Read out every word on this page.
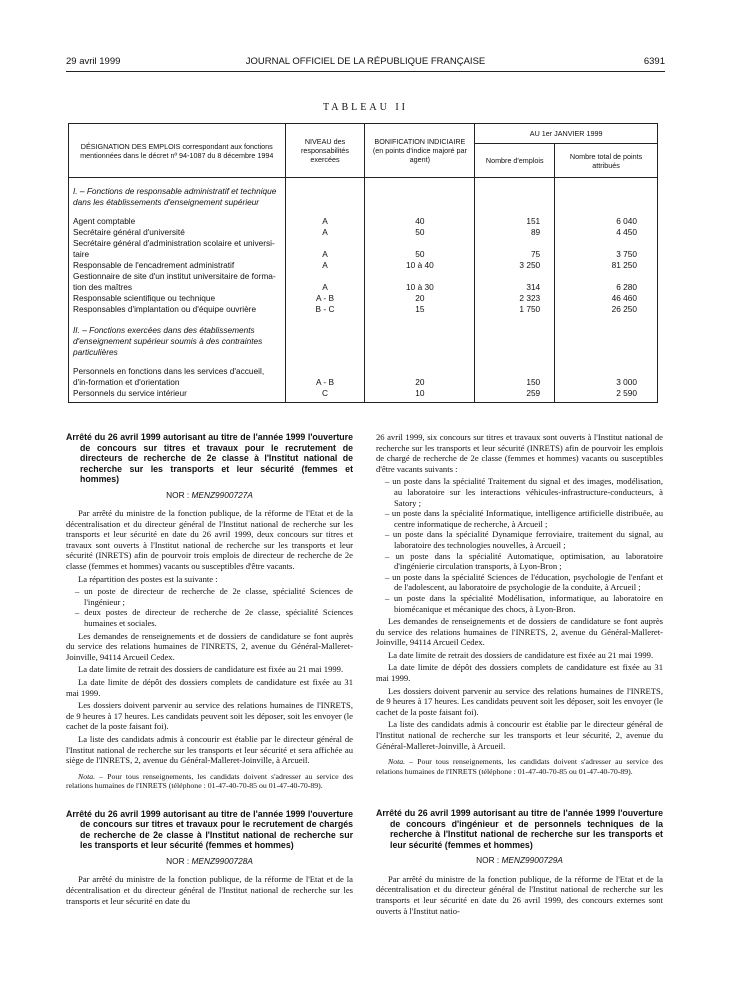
29 avril 1999	JOURNAL OFFICIEL DE LA RÉPUBLIQUE FRANÇAISE	6391
TABLEAU II
DÉSIGNATION DES EMPLOIS correspondant aux fonctions mentionnées dans le décret nº 94-1087 du 8 décembre 1994	NIVEAU des responsabilités exercées	BONIFICATION INDICIAIRE (en points d'indice majoré par agent)	AU 1er JANVIER 1999	
			Nombre d'emplois	Nombre total de points attribués

I. – Fonctions de responsable administratif et technique dans les établissements d'enseignement supérieur				

Agent comptable	A	40	151	6 040
Secrétaire général d'université	A	50	89	4 450
Secrétaire général d'administration scolaire et universi-taire	A	50	75	3 750
Responsable de l'encadrement administratif	A	10 à 40	3 250	81 250
Gestionnaire de site d'un institut universitaire de forma-tion des maîtres	A	10 à 30	314	6 280
Responsable scientifique ou technique	A - B	20	2 323	46 460
Responsables d'implantation ou d'équipe ouvrière	B - C	15	1 750	26 250

II. – Fonctions exercées dans des établissements d'enseignement supérieur soumis à des contraintes particulières				

Personnels en fonctions dans les services d'accueil, d'in-formation et d'orientation	A - B	20	150	3 000
Personnels du service intérieur	C	10	259	2 590

Arrêté du 26 avril 1999 autorisant au titre de l'année 1999 l'ouverture de concours sur titres et travaux pour le recrutement de directeurs de recherche de 2e classe à l'Institut national de recherche sur les transports et leur sécurité (femmes et hommes)
NOR : MENZ9900727A

Par arrêté du ministre de la fonction publique, de la réforme de l'Etat et de la décentralisation et du directeur général de l'Institut national de recherche sur les transports et leur sécurité en date du 26 avril 1999, deux concours sur titres et travaux sont ouverts à l'Institut national de recherche sur les transports et leur sécurité (INRETS) afin de pourvoir trois emplois de directeur de recherche de 2e classe (femmes et hommes) vacants ou susceptibles d'être vacants.

La répartition des postes est la suivante :

– un poste de directeur de recherche de 2e classe, spécialité Sciences de l'ingénieur ;
– deux postes de directeur de recherche de 2e classe, spécialité Sciences humaines et sociales.

Les demandes de renseignements et de dossiers de candidature se font auprès du service des relations humaines de l'INRETS, 2, avenue du Général-Malleret-Joinville, 94114 Arcueil Cedex.

La date limite de retrait des dossiers de candidature est fixée au 21 mai 1999.

La date limite de dépôt des dossiers complets de candidature est fixée au 31 mai 1999.

Les dossiers doivent parvenir au service des relations humaines de l'INRETS, de 9 heures à 17 heures. Les candidats peuvent soit les déposer, soit les envoyer (le cachet de la poste faisant foi).

La liste des candidats admis à concourir est établie par le directeur général de l'Institut national de recherche sur les transports et leur sécurité et sera affichée au siège de l'INRETS, 2, avenue du Général-Malleret-Joinville, à Arcueil.

Nota. – Pour tous renseignements, les candidats doivent s'adresser au service des relations humaines de l'INRETS (téléphone : 01-47-40-70-85 ou 01-47-40-70-89).

Arrêté du 26 avril 1999 autorisant au titre de l'année 1999 l'ouverture de concours sur titres et travaux pour le recrutement de chargés de recherche de 2e classe à l'Institut national de recherche sur les transports et leur sécurité (femmes et hommes)
NOR : MENZ9900728A

Par arrêté du ministre de la fonction publique, de la réforme de l'Etat et de la décentralisation et du directeur général de l'Institut national de recherche sur les transports et leur sécurité en date du

26 avril 1999, six concours sur titres et travaux sont ouverts à l'Institut national de recherche sur les transports et leur sécurité (INRETS) afin de pourvoir les emplois de chargé de recherche de 2e classe (femmes et hommes) vacants ou susceptibles d'être vacants suivants :

– un poste dans la spécialité Traitement du signal et des images, modélisation, au laboratoire sur les interactions véhicules-infrastructure-conducteurs, à Satory ;
– un poste dans la spécialité Informatique, intelligence artificielle distribuée, au centre informatique de recherche, à Arcueil ;
– un poste dans la spécialité Dynamique ferroviaire, traitement du signal, au laboratoire des technologies nouvelles, à Arcueil ;
– un poste dans la spécialité Automatique, optimisation, au laboratoire d'ingénierie circulation transports, à Lyon-Bron ;
– un poste dans la spécialité Sciences de l'éducation, psychologie de l'enfant et de l'adolescent, au laboratoire de psychologie de la conduite, à Arcueil ;
– un poste dans la spécialité Modélisation, informatique, au laboratoire en biomécanique et mécanique des chocs, à Lyon-Bron.

Les demandes de renseignements et de dossiers de candidature se font auprès du service des relations humaines de l'INRETS, 2, avenue du Général-Malleret-Joinville, 94114 Arcueil Cedex.

La date limite de retrait des dossiers de candidature est fixée au 21 mai 1999.

La date limite de dépôt des dossiers complets de candidature est fixée au 31 mai 1999.

Les dossiers doivent parvenir au service des relations humaines de l'INRETS, de 9 heures à 17 heures. Les candidats peuvent soit les déposer, soit les envoyer (le cachet de la poste faisant foi).

La liste des candidats admis à concourir est établie par le directeur général de l'Institut national de recherche sur les transports et leur sécurité, 2, avenue du Général-Malleret-Joinville, à Arcueil.

Nota. – Pour tous renseignements, les candidats doivent s'adresser au service des relations humaines de l'INRETS (téléphone : 01-47-40-70-85 ou 01-47-40-70-89).

Arrêté du 26 avril 1999 autorisant au titre de l'année 1999 l'ouverture de concours d'ingénieur et de personnels techniques de la recherche à l'Institut national de recherche sur les transports et leur sécurité (femmes et hommes)
NOR : MENZ9900729A

Par arrêté du ministre de la fonction publique, de la réforme de l'Etat et de la décentralisation et du directeur général de l'Institut national de recherche sur les transports et leur sécurité en date du 26 avril 1999, des concours externes sont ouverts à l'Institut natio-
